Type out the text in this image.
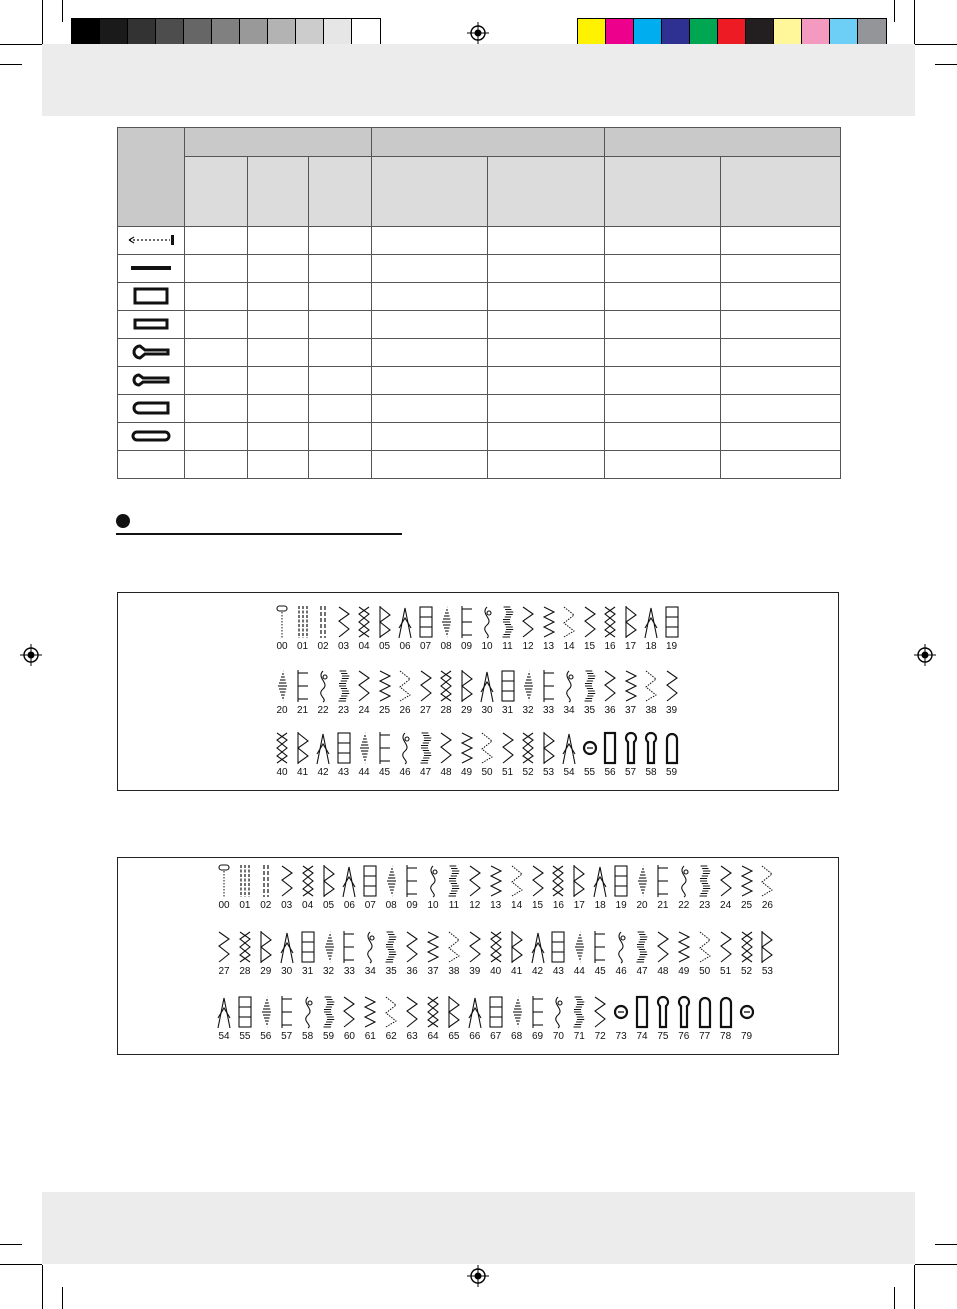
00 01 02 03 04 05 06 07 08 09 10 11 12 13 14 15 16 17 18 19
20 21 22 23 24 25 26 27 28 29 30 31 32 33 34 35 36 37 38 39
40 41 42 43 44 45 46 47 48 49 50 51 52 53 54 55 56 57 58 59
00 01 02 03 04 05 06 07 08 09 10	11	12 13 14 15 16 17 18 19 20 21 22 23 24 25 26
27 28 29 30 31 32 33 34 35 36 37 38 39 40 41 42 43 44 45 46 47 48 49 50 51 52 53
54 55 56 57 58 59 60 61 62 63 64 65 66 67 68 69 70 71 72 73 74 75 76 77 78 79
